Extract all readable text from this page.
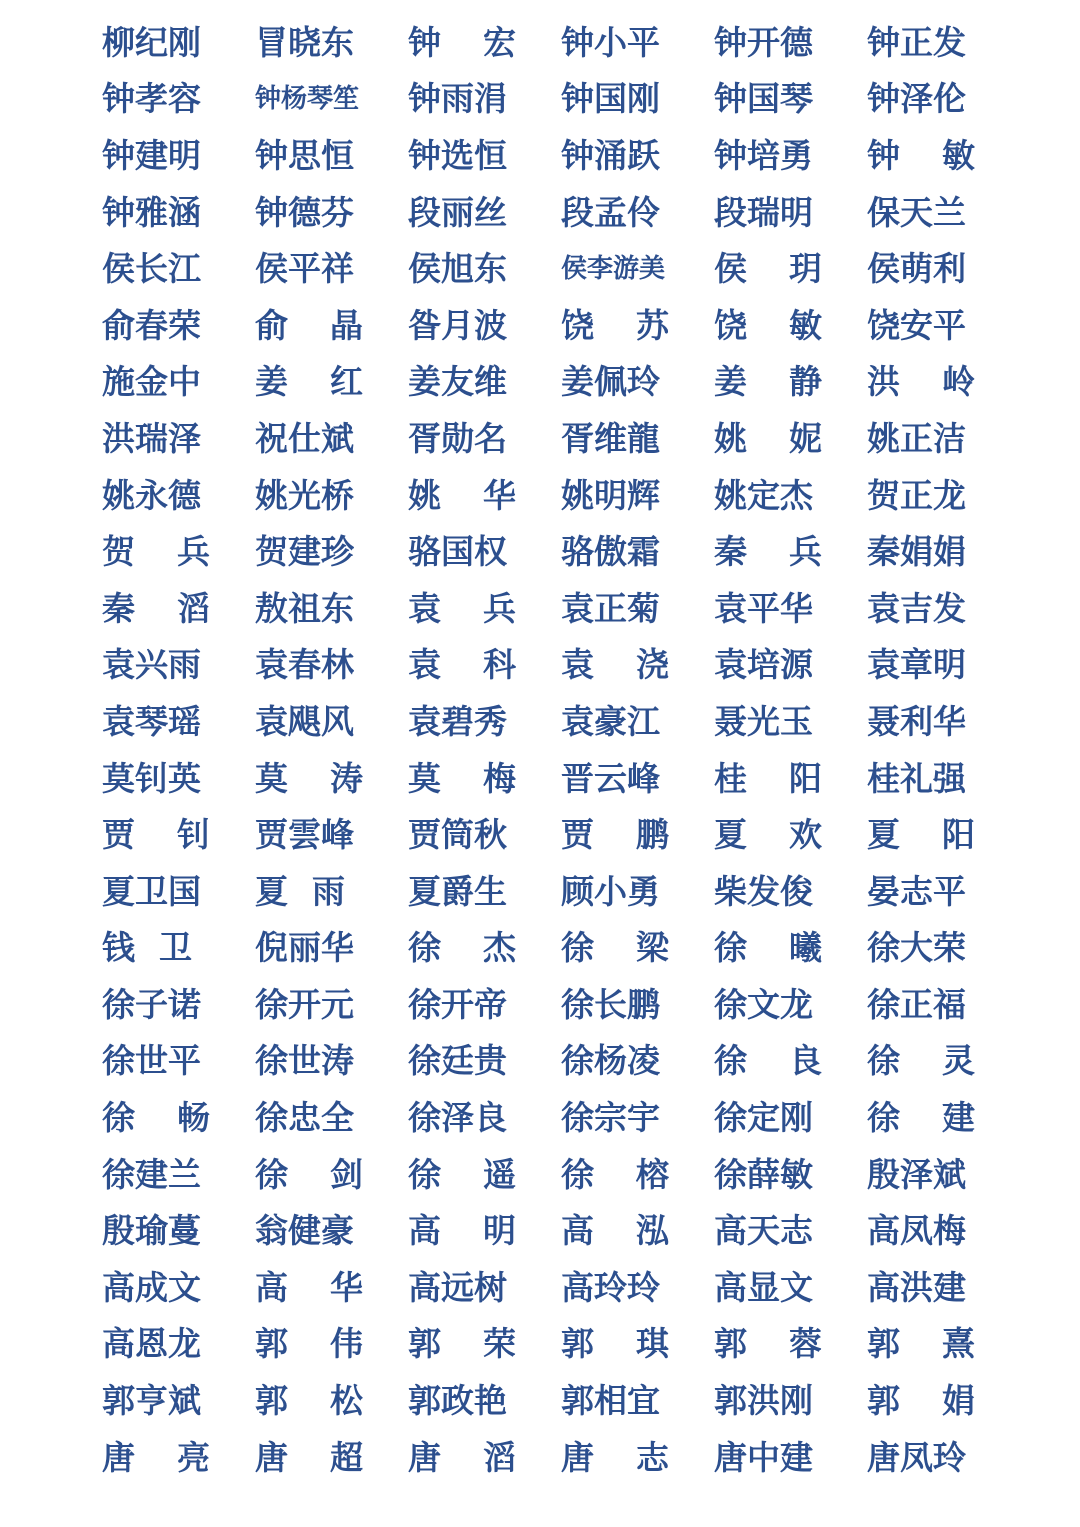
柳纪刚 冒晓东 钟 宏 钟小平 钟开德 钟正发
钟孝容	钟杨琴笙 钟雨涓 钟国刚 钟国琴 钟泽伦
钟建明 钟思恒 钟选恒 钟涌跃 钟培勇 钟 敏
钟雅涵 钟德芬 段丽丝 段孟伶 段瑞明 保天兰
侯长江 侯平祥 侯旭东	侯李游美 侯 玥 侯萌利
俞春荣 俞 晶 昝月波 饶 苏 饶 敏 饶安平
施金中 姜 红 姜友维 姜佩玲 姜 静 洪 岭
洪瑞泽 祝仕斌 胥勋名 胥维龍 姚 妮 姚正洁
姚永德 姚光桥 姚 华 姚明辉 姚定杰 贺正龙
贺 兵 贺建珍 骆国权 骆傲霜 秦 兵 秦娟娟
秦 滔 敖祖东 袁 兵 袁正菊 袁平华 袁吉发
袁兴雨 袁春林 袁 科 袁 浇 袁培源 袁章明
袁琴瑶 袁飓风 袁碧秀 袁豪江 聂光玉 聂利华
莫钊英 莫 涛 莫 梅 晋云峰 桂 阳 桂礼强
贾 钊 贾雲峰 贾筒秋 贾 鹏 夏 欢 夏 阳
夏卫国 夏 雨 夏爵生 顾小勇 柴发俊 晏志平
钱 卫 倪丽华 徐 杰 徐 梁 徐 曦 徐大荣
徐子诺 徐开元 徐开帝 徐长鹏 徐文龙 徐正福
徐世平 徐世涛 徐廷贵 徐杨凌 徐 良 徐 灵
徐 畅 徐忠全 徐泽良 徐宗宇 徐定刚 徐 建
徐建兰 徐 剑 徐 遥 徐 榕 徐薛敏 殷泽斌
殷瑜蔓 翁健豪 高 明 高 泓 高天志 高凤梅
高成文 高 华 高远树 高玲玲 高显文 高洪建
高恩龙 郭 伟 郭 荣 郭 琪 郭 蓉 郭 熹
郭亨斌 郭 松 郭政艳 郭相宜 郭洪刚 郭 娟
唐 亮 唐 超 唐 滔 唐 志 唐中建 唐凤玲
